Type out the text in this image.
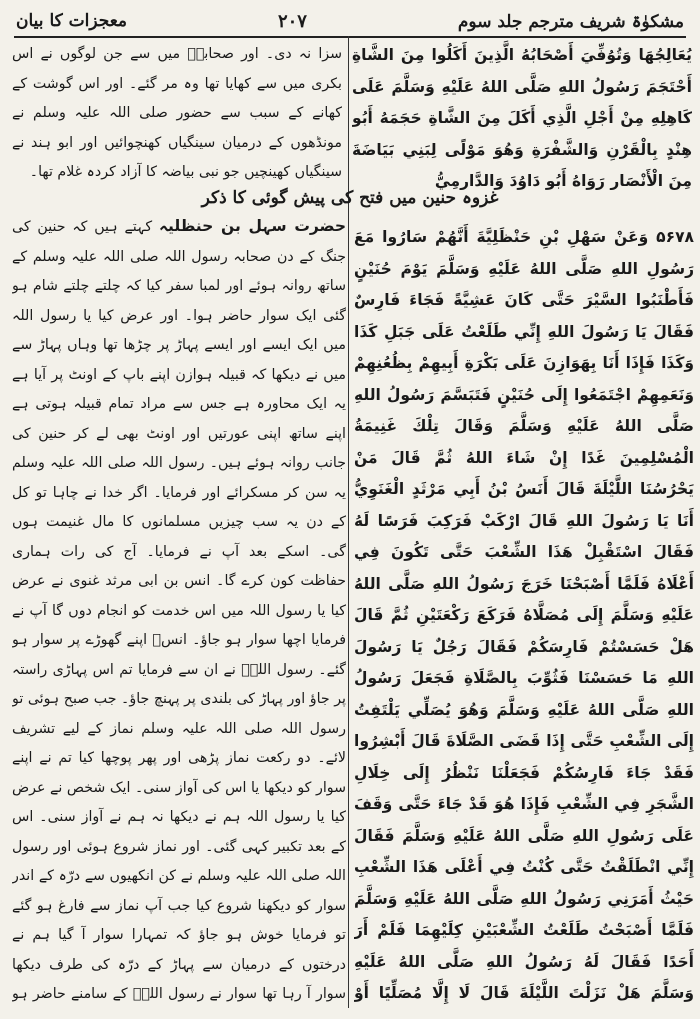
مشکوٰۃ شریف مترجم جلد سوم
۲۰۷
معجزات کا بیان
يُعَالِجُهَا وَتُوُفِّيَ أَصْحَابُهُ الَّذِينَ أَكَلُوا مِنَ الشَّاةِ أَحْتَجَمَ رَسُولُ اللهِ صَلَّى اللهُ عَلَيْهِ وَسَلَّمَ عَلَى كَاهِلِهِ مِنْ أَجْلِ الَّذِي أَكَلَ مِنَ الشَّاةِ حَجَمَهُ أَبُو هِنْدٍ بِالْقَرْنِ وَالشَّفْرَةِ وَهُوَ مَوْلًى لِبَنِي بَيَاضَةَ مِنَ الْأَنْصَارِ رَوَاهُ أَبُو دَاوُدَ وَالدَّارِمِيُّ
سزا نہ دی۔ اور صحابہؓ میں سے جن لوگوں نے اس بکری میں سے کھایا تھا وہ مر گئے۔ اور اس گوشت کے کھانے کے سبب سے حضور صلی اللہ علیہ وسلم نے مونڈھوں کے درمیان سینگیاں کھنچوائیں اور ابو ہند نے سینگیاں کھینچیں جو نبی بیاضہ کا آزاد کردہ غلام تھا۔
غزوہ حنین میں فتح کی پیش گوئی کا ذکر
۵۶۷۸ وَعَنْ سَهْلِ بْنِ حَنْظَلِيَّةَ أَنَّهُمْ سَارُوا مَعَ رَسُولِ اللهِ صَلَّى اللهُ عَلَيْهِ وَسَلَّمَ يَوْمَ حُنَيْنٍ فَأَطْنَبُوا السَّيْرَ حَتَّى كَانَ عَشِيَّةً فَجَاءَ فَارِسٌ فَقَالَ يَا رَسُولَ اللهِ إِنِّي طَلَعْتُ عَلَى جَبَلِ كَذَا وَكَذَا فَإِذَا أَنَا بِهَوَازِنَ عَلَى بَكْرَةِ أَبِيهِمْ بِظُعُنِهِمْ وَنَعَمِهِمْ اجْتَمَعُوا إِلَى حُنَيْنٍ فَتَبَسَّمَ رَسُولُ اللهِ صَلَّى اللهُ عَلَيْهِ وَسَلَّمَ وَقَالَ تِلْكَ غَنِيمَةُ الْمُسْلِمِينَ غَدًا إِنْ شَاءَ اللهُ ثُمَّ قَالَ مَنْ يَحْرُسُنَا اللَّيْلَةَ قَالَ أَنَسُ بْنُ أَبِي مَرْثَدٍ الْغَنَوِيُّ أَنَا يَا رَسُولَ اللهِ قَالَ ارْكَبْ فَرَكِبَ فَرَسًا لَهُ فَقَالَ اسْتَقْبِلْ هَذَا الشِّعْبَ حَتَّى تَكُونَ فِي أَعْلَاهُ فَلَمَّا أَصْبَحْنَا خَرَجَ رَسُولُ اللهِ صَلَّى اللهُ عَلَيْهِ وَسَلَّمَ إِلَى مُصَلَّاهُ فَرَكَعَ رَكْعَتَيْنِ ثُمَّ قَالَ هَلْ حَسَسْتُمْ فَارِسَكُمْ فَقَالَ رَجُلٌ يَا رَسُولَ اللهِ مَا حَسَسْنَا فَثُوِّبَ بِالصَّلَاةِ فَجَعَلَ رَسُولُ اللهِ صَلَّى اللهُ عَلَيْهِ وَسَلَّمَ وَهُوَ يُصَلِّي يَلْتَفِتُ إِلَى الشِّعْبِ حَتَّى إِذَا قَضَى الصَّلَاةَ قَالَ أَبْشِرُوا فَقَدْ جَاءَ فَارِسُكُمْ فَجَعَلْنَا نَنْظُرُ إِلَى خِلَالِ الشَّجَرِ فِي الشِّعْبِ فَإِذَا هُوَ قَدْ جَاءَ حَتَّى وَقَفَ عَلَى رَسُولِ اللهِ صَلَّى اللهُ عَلَيْهِ وَسَلَّمَ فَقَالَ إِنِّي انْطَلَقْتُ حَتَّى كُنْتُ فِي أَعْلَى هَذَا الشِّعْبِ حَيْثُ أَمَرَنِي رَسُولُ اللهِ صَلَّى اللهُ عَلَيْهِ وَسَلَّمَ فَلَمَّا أَصْبَحْتُ طَلَعْتُ الشِّعْبَيْنِ كِلَيْهِمَا فَلَمْ أَرَ أَحَدًا فَقَالَ لَهُ رَسُولُ اللهِ صَلَّى اللهُ عَلَيْهِ وَسَلَّمَ هَلْ نَزَلْتَ اللَّيْلَةَ قَالَ لَا إِلَّا مُصَلِّيًا أَوْ
حضرت سہل بن حنظلیہ کہتے ہیں کہ حنین کی جنگ کے دن صحابہ رسول اللہ صلی اللہ علیہ وسلم کے ساتھ روانہ ہوئے اور لمبا سفر کیا کہ چلتے چلتے شام ہو گئی ایک سوار حاضر ہوا۔ اور عرض کیا یا رسول اللہ میں ایک ایسے اور ایسے پہاڑ پر چڑھا تھا وہاں پہاڑ سے میں نے دیکھا کہ قبیلہ ہوازن اپنے باپ کے اونٹ پر آیا ہے یہ ایک محاورہ ہے جس سے مراد تمام قبیلہ ہوتی ہے اپنے ساتھ اپنی عورتیں اور اونٹ بھی لے کر حنین کی جانب روانہ ہوئے ہیں۔ رسول اللہ صلی اللہ علیہ وسلم یہ سن کر مسکرائے اور فرمایا۔ اگر خدا نے چاہا تو کل کے دن یہ سب چیزیں مسلمانوں کا مال غنیمت ہوں گی۔ اسکے بعد آپ نے فرمایا۔ آج کی رات ہماری حفاظت کون کرے گا۔ انس بن ابی مرثد غنوی نے عرض کیا یا رسول اللہ میں اس خدمت کو انجام دوں گا آپ نے فرمایا اچھا سوار ہو جاؤ۔ انسؓ اپنے گھوڑے پر سوار ہو گئے۔ رسول اللہؐ نے ان سے فرمایا تم اس پہاڑی راستہ پر جاؤ اور پہاڑ کی بلندی پر پہنچ جاؤ۔ جب صبح ہوئی تو رسول اللہ صلی اللہ علیہ وسلم نماز کے لیے تشریف لائے۔ دو رکعت نماز پڑھی اور پھر پوچھا کیا تم نے اپنے سوار کو دیکھا یا اس کی آواز سنی۔ ایک شخص نے عرض کیا یا رسول اللہ ہم نے دیکھا نہ ہم نے آواز سنی۔ اس کے بعد تکبیر کہی گئی۔ اور نماز شروع ہوئی اور رسول اللہ صلی اللہ علیہ وسلم نے کن انکھیوں سے درّہ کے اندر سوار کو دیکھنا شروع کیا جب آپ نماز سے فارغ ہو گئے تو فرمایا خوش ہو جاؤ کہ تمہارا سوار آ گیا ہم نے درختوں کے درمیان سے پہاڑ کے درّہ کی طرف دیکھا سوار آ رہا تھا سوار نے رسول اللہؐ کے سامنے حاضر ہو
